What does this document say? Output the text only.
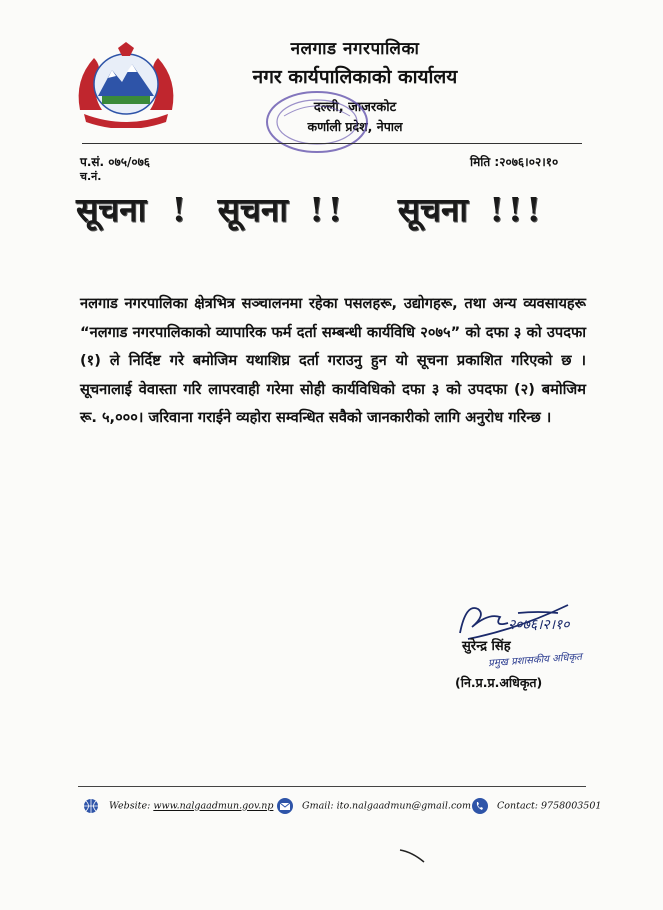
नलगाड नगरपालिका

नगर कार्यपालिकाको कार्यालय

दल्ली, जाजरकोट

कर्णाली प्रदेश, नेपाल

प.सं. ०७५/०७६
च.नं.
मिति :२०७६।०२।१०
सूचना ! सूचना !! सूचना !!!
नलगाड नगरपालिका क्षेत्रभित्र सञ्चालनमा रहेका पसलहरू, उद्योगहरू, तथा अन्य व्यवसायहरू “नलगाड नगरपालिकाको व्यापारिक फर्म दर्ता सम्बन्धी कार्यविधि २०७५” को दफा ३ को उपदफा (१) ले निर्दिष्ट गरे बमोजिम यथाशिघ्र दर्ता गराउनु हुन यो सूचना प्रकाशित गरिएको छ । सूचनालाई वेवास्ता गरि लापरवाही गरेमा सोही कार्यविधिको दफा ३ को उपदफा (२) बमोजिम रू. ५,०००। जरिवाना गराईने व्यहोरा सम्वन्धित सवैको जानकारीको लागि अनुरोध गरिन्छ ।
२०७६।२।१०
सुरेन्द्र सिंह
प्रमुख प्रशासकीय अधिकृत
(नि.प्र.प्र.अधिकृत)
Website: www.nalgaadmun.gov.np	Gmail: ito.nalgaadmun@gmail.com	Contact: 9758003501
